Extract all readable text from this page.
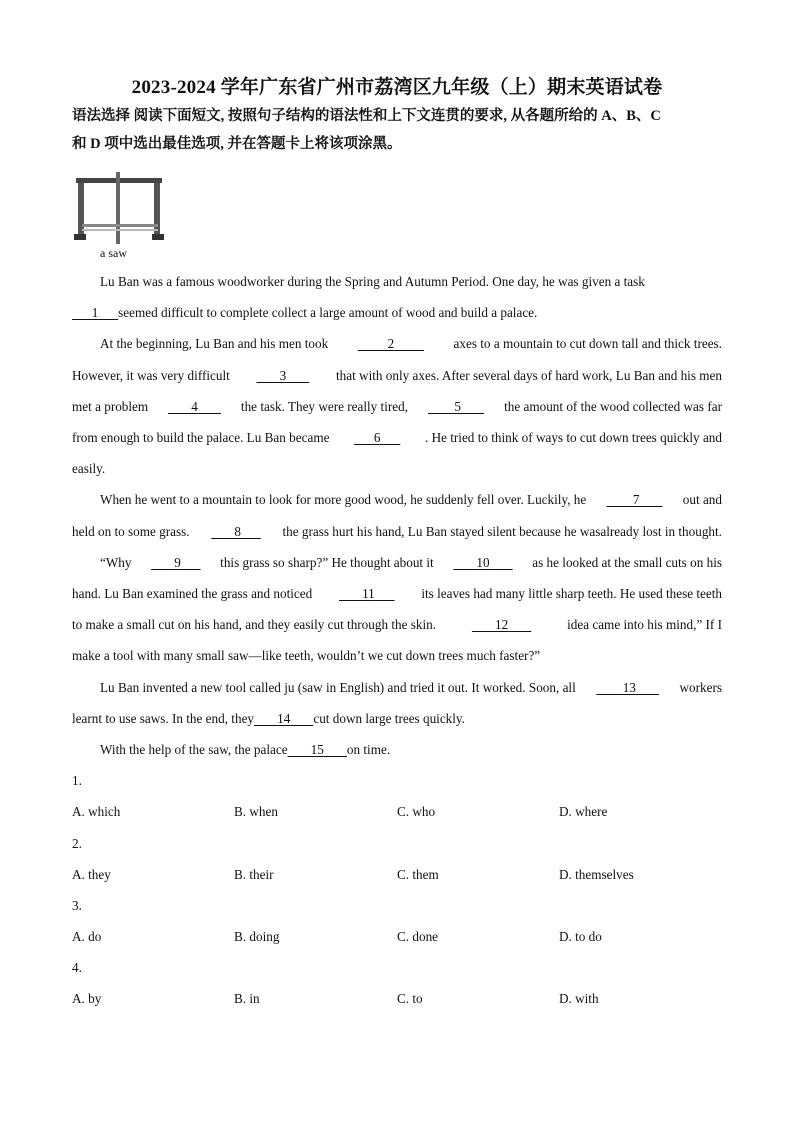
2023-2024 学年广东省广州市荔湾区九年级（上）期末英语试卷
语法选择 阅读下面短文, 按照句子结构的语法性和上下文连贯的要求, 从各题所给的 A、B、C
和 D 项中选出最佳选项, 并在答题卡上将该项涂黑。
a saw
Lu Ban was a famous woodworker during the Spring and Autumn Period. One day, he was given a task
1	seemed difficult to complete collect a large amount of wood and build a palace.
At the beginning, Lu Ban and his men took	2	axes to a mountain to cut down tall and thick trees.
However, it was very difficult	3	that with only axes. After several days of hard work, Lu Ban and his men
met a problem	4	the task. They were really tired,	5	the amount of the wood collected was far
from enough to build the palace. Lu Ban became	6	. He tried to think of ways to cut down trees quickly and
easily.
When he went to a mountain to look for more good wood, he suddenly fell over. Luckily, he	7	out and
held on to some grass.	8	the grass hurt his hand, Lu Ban stayed silent because he wasalready lost in thought.
“Why	9	this grass so sharp?” He thought about it	10	as he looked at the small cuts on his
hand. Lu Ban examined the grass and noticed	11	its leaves had many little sharp teeth. He used these teeth
to make a small cut on his hand, and they easily cut through the skin.	12	idea came into his mind,” If I
make a tool with many small saw—like teeth, wouldn’t we cut down trees much faster?”
Lu Ban invented a new tool called ju (saw in English) and tried it out. It worked. Soon, all	13	workers
learnt to use saws. In the end, they	14	cut down large trees quickly.
With the help of the saw, the palace	15	on time.
1.
A. which	B. when	C. who	D. where
2.
A. they	B. their	C. them	D. themselves
3.
A. do	B. doing	C. done	D. to do
4.
A. by	B. in	C. to	D. with
